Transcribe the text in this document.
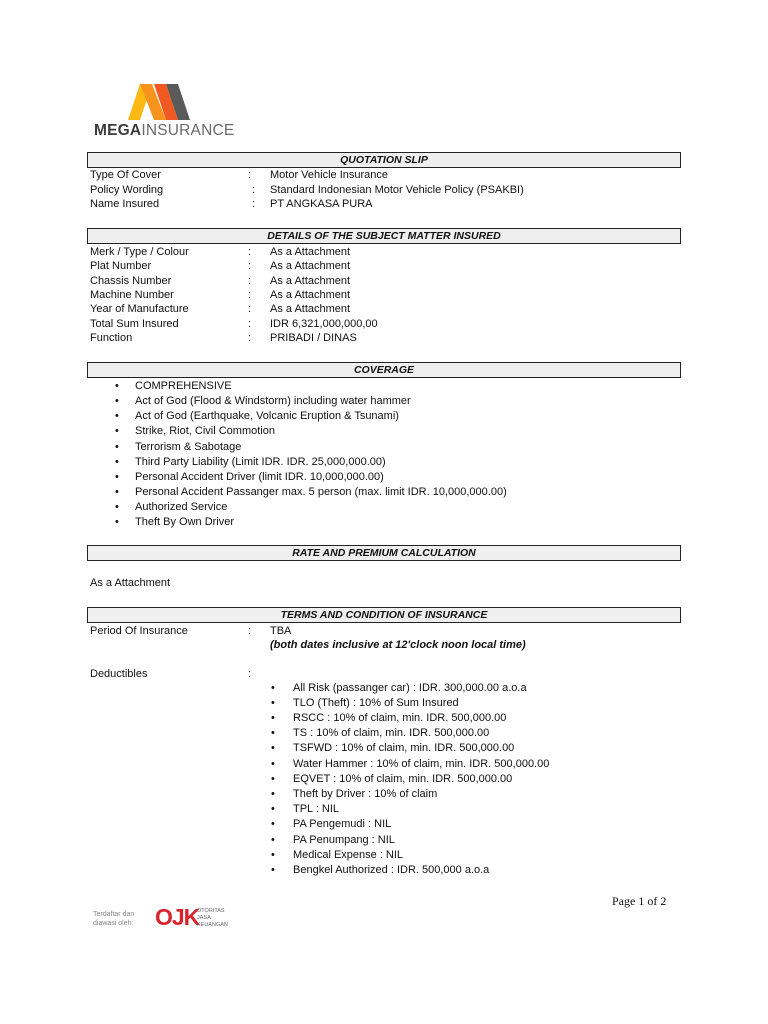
MEGAINSURANCE
QUOTATION SLIP
Type Of Cover	: Motor Vehicle Insurance
Policy Wording	: Standard Indonesian Motor Vehicle Policy (PSAKBI)
Name Insured	: PT ANGKASA PURA
DETAILS OF THE SUBJECT MATTER INSURED
Merk / Type / Colour	: As a Attachment
Plat Number	: As a Attachment
Chassis Number	: As a Attachment
Machine Number	: As a Attachment
Year of Manufacture	: As a Attachment
Total Sum Insured	: IDR 6,321,000,000,00
Function	: PRIBADI / DINAS
COVERAGE
• COMPREHENSIVE
• Act of God (Flood & Windstorm) including water hammer
• Act of God (Earthquake, Volcanic Eruption & Tsunami)
• Strike, Riot, Civil Commotion
• Terrorism & Sabotage
• Third Party Liability (Limit IDR. IDR. 25,000,000.00)
• Personal Accident Driver (limit IDR. 10,000,000.00)
• Personal Accident Passanger max. 5 person (max. limit IDR. 10,000,000.00)
• Authorized Service
• Theft By Own Driver
RATE AND PREMIUM CALCULATION
As a Attachment
TERMS AND CONDITION OF INSURANCE
Period Of Insurance	: TBA
(both dates inclusive at 12'clock noon local time)
Deductibles	:
• All Risk (passanger car) : IDR. 300,000.00 a.o.a
• TLO (Theft) : 10% of Sum Insured
• RSCC : 10% of claim, min. IDR. 500,000.00
• TS : 10% of claim, min. IDR. 500,000.00
• TSFWD : 10% of claim, min. IDR. 500,000.00
• Water Hammer : 10% of claim, min. IDR. 500,000.00
• EQVET : 10% of claim, min. IDR. 500,000.00
• Theft by Driver : 10% of claim
• TPL : NIL
• PA Pengemudi : NIL
• PA Penumpang : NIL
• Medical Expense : NIL
• Bengkel Authorized : IDR. 500,000 a.o.a
Page 1 of 2
Terdaftar dan
diawasi oleh: OJK
OTORITAS
JASA
KEUANGAN
